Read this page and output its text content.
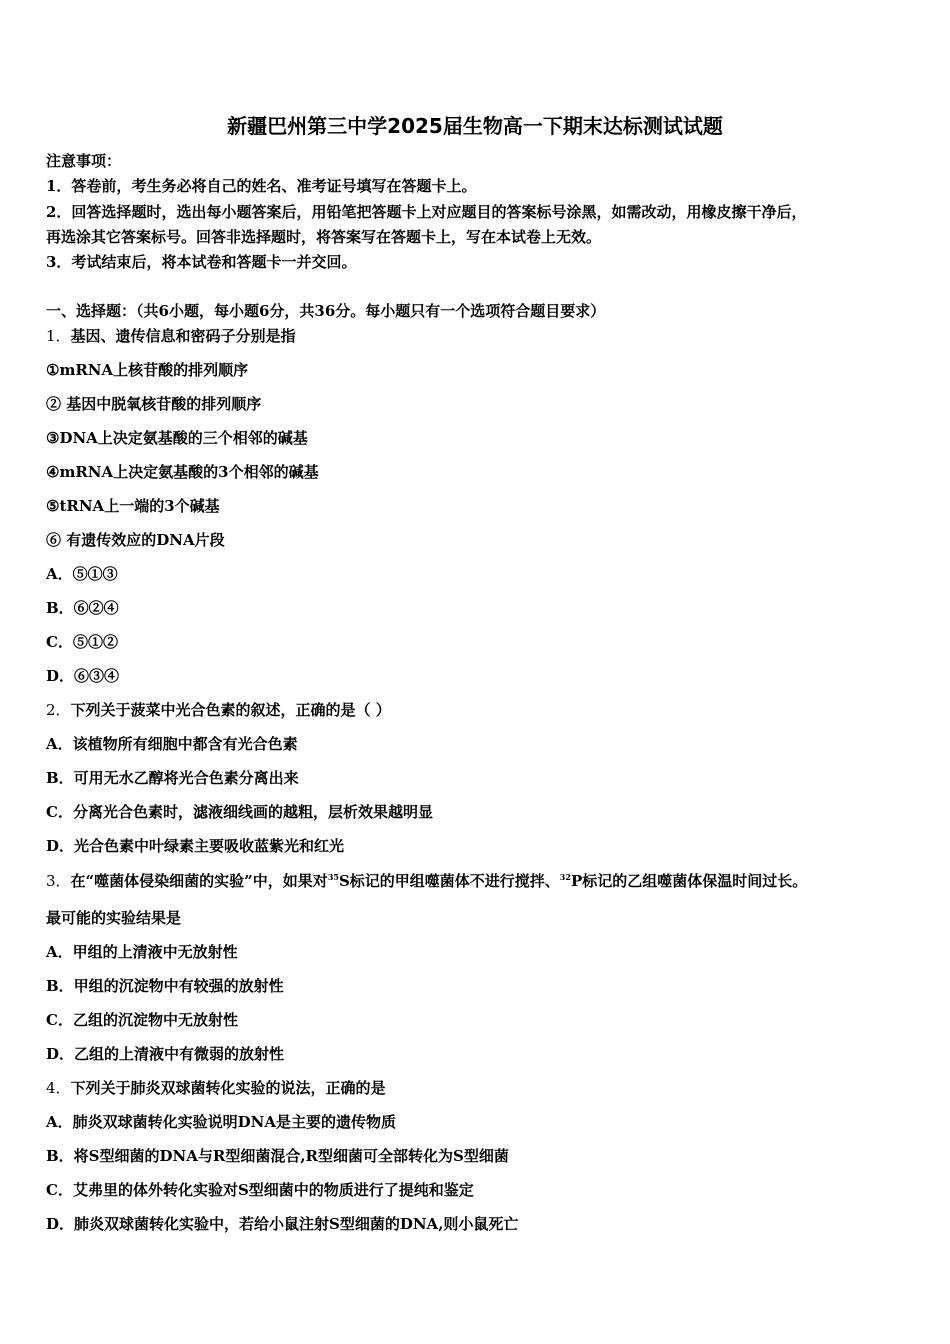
新疆巴州第三中学2025届生物高一下期末达标测试试题
注意事项：
1．答卷前，考生务必将自己的姓名、准考证号填写在答题卡上。
2．回答选择题时，选出每小题答案后，用铅笔把答题卡上对应题目的答案标号涂黑，如需改动，用橡皮擦干净后，
再选涂其它答案标号。回答非选择题时，将答案写在答题卡上，写在本试卷上无效。
3．考试结束后，将本试卷和答题卡一并交回。
一、选择题：（共6小题，每小题6分，共36分。每小题只有一个选项符合题目要求）
1．基因、遗传信息和密码子分别是指
①mRNA上核苷酸的排列顺序
② 基因中脱氧核苷酸的排列顺序
③DNA上决定氨基酸的三个相邻的碱基
④mRNA上决定氨基酸的3个相邻的碱基
⑤tRNA上一端的3个碱基
⑥ 有遗传效应的DNA片段
A．⑤①③
B．⑥②④
C．⑤①②
D．⑥③④
2．下列关于菠菜中光合色素的叙述，正确的是（ ）
A．该植物所有细胞中都含有光合色素
B．可用无水乙醇将光合色素分离出来
C．分离光合色素时，滤液细线画的越粗，层析效果越明显
D．光合色素中叶绿素主要吸收蓝紫光和红光
3．在“噬菌体侵染细菌的实验”中，如果对$^{35}$S标记的甲组噬菌体不进行搅拌、$^{32}$P标记的乙组噬菌体保温时间过长。
最可能的实验结果是
A．甲组的上清液中无放射性
B．甲组的沉淀物中有较强的放射性
C．乙组的沉淀物中无放射性
D．乙组的上清液中有微弱的放射性
4．下列关于肺炎双球菌转化实验的说法，正确的是
A．肺炎双球菌转化实验说明DNA是主要的遗传物质
B．将S型细菌的DNA与R型细菌混合,R型细菌可全部转化为S型细菌
C．艾弗里的体外转化实验对S型细菌中的物质进行了提纯和鉴定
D．肺炎双球菌转化实验中，若给小鼠注射S型细菌的DNA,则小鼠死亡
